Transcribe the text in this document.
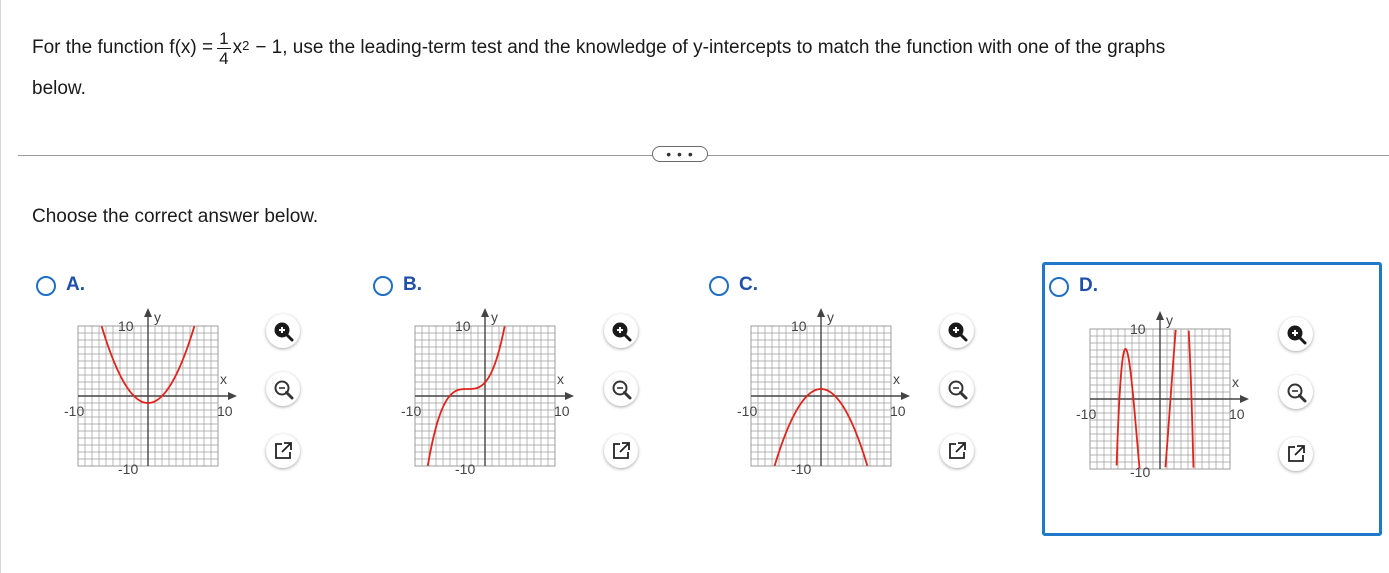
For the function $f(x) = \frac{1}{4} x^2 - 1$, use the leading-term test and the knowledge of y-intercepts to match the function with one of the graphs
below.
• • •
Choose the correct answer below.
A.
10
-10
10
-10
x
y
B.
10
-10
10
-10
x
y
C.
10
-10
10
-10
x
y
D.
10
-10
10
-10
x
y
